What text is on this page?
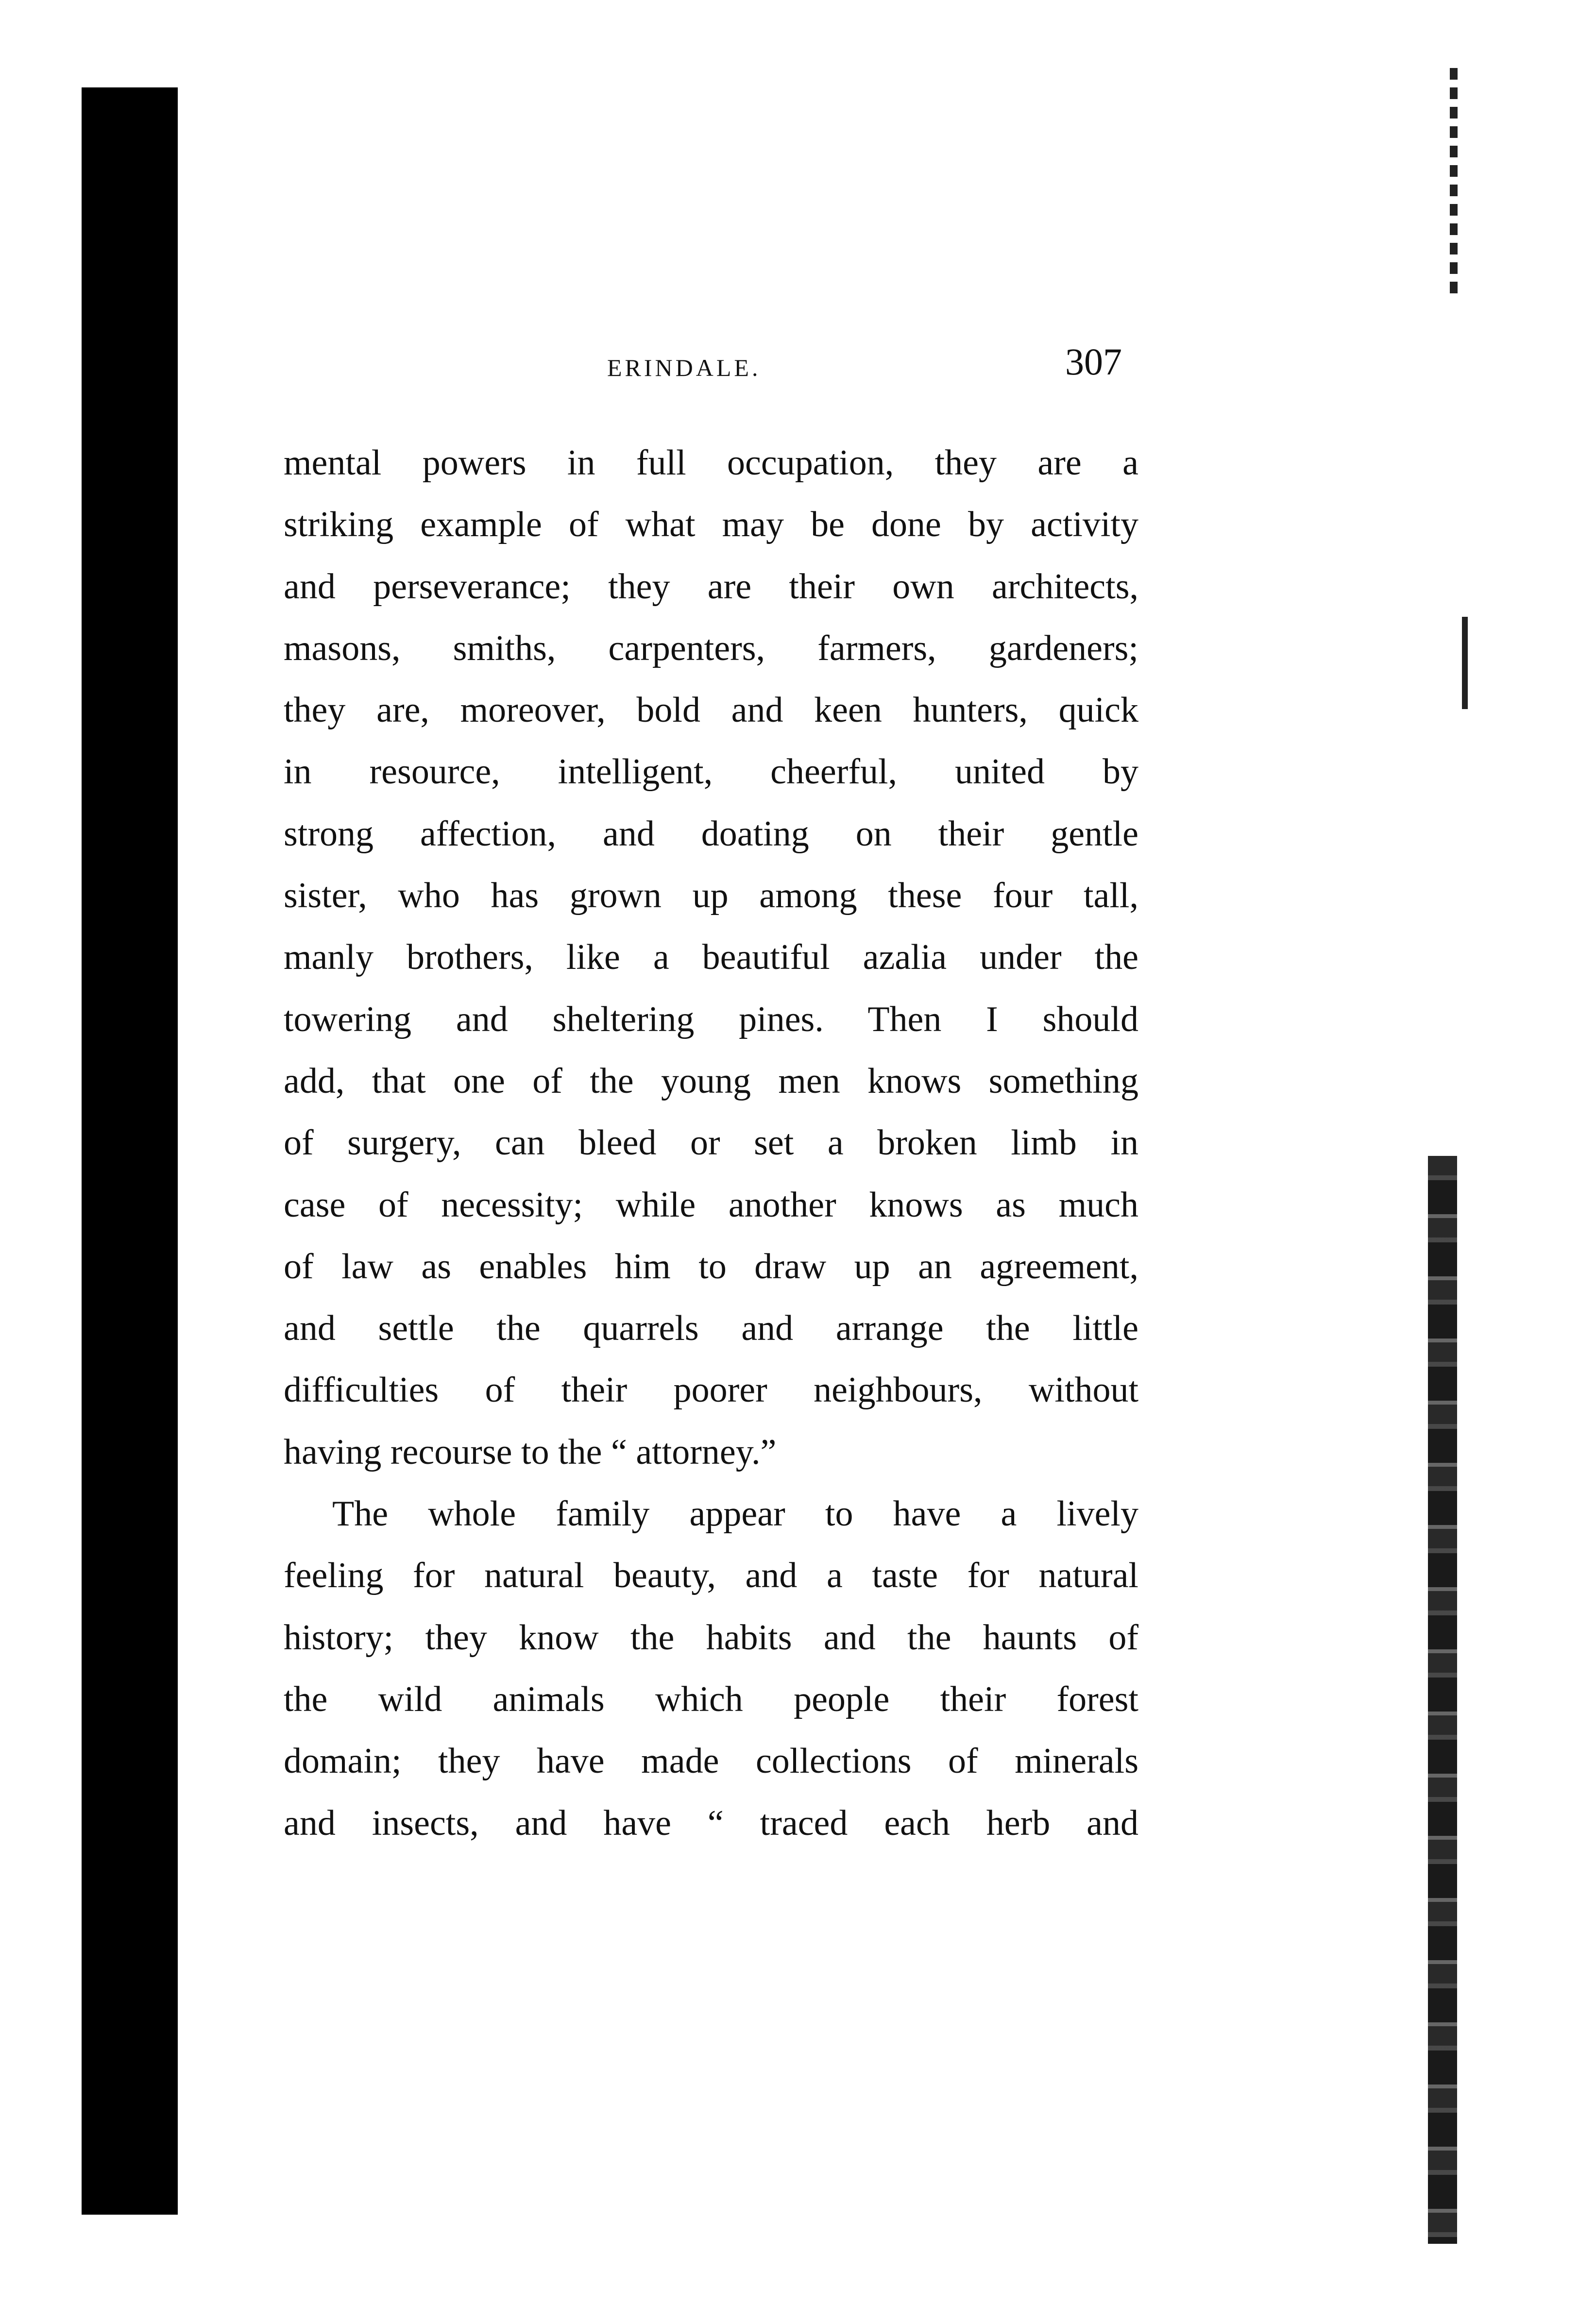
ERINDALE.	307
mental powers in full occupation, they are a
striking example of what may be done by activity
and perseverance; they are their own architects,
masons, smiths, carpenters, farmers, gardeners;
they are, moreover, bold and keen hunters, quick
in resource, intelligent, cheerful, united by
strong affection, and doating on their gentle
sister, who has grown up among these four tall,
manly brothers, like a beautiful azalia under the
towering and sheltering pines. Then I should
add, that one of the young men knows something
of surgery, can bleed or set a broken limb in
case of necessity; while another knows as much
of law as enables him to draw up an agreement,
and settle the quarrels and arrange the little
difficulties of their poorer neighbours, without
having recourse to the “ attorney.”
The whole family appear to have a lively
feeling for natural beauty, and a taste for natural
history; they know the habits and the haunts of
the wild animals which people their forest
domain; they have made collections of minerals
and insects, and have “ traced each herb and
